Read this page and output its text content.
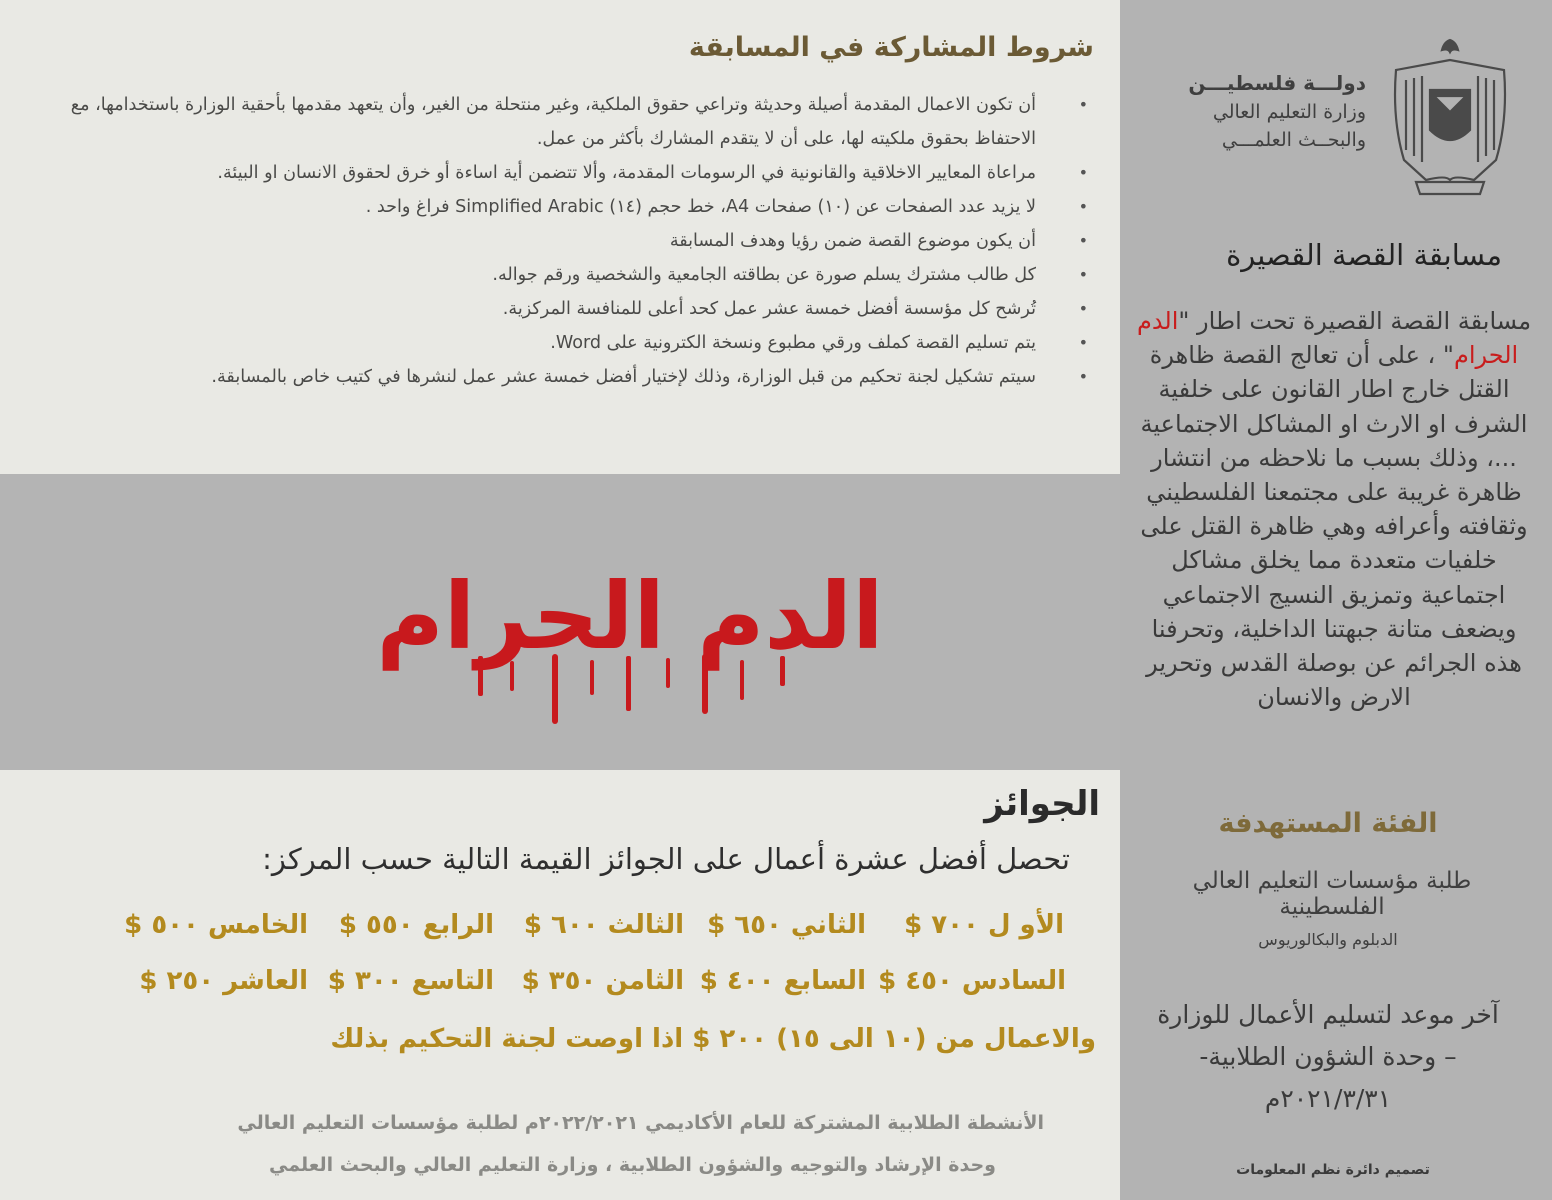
دولـــة فلسطيـــن
وزارة التعليم العالي
والبحــث العلمـــي
مسابقة القصة القصيرة
مسابقة القصة القصيرة تحت اطار "الدم الحرام" ، على أن تعالج القصة ظاهرة القتل خارج اطار القانون على خلفية الشرف او الارث او المشاكل الاجتماعية ...، وذلك بسبب ما نلاحظه من انتشار ظاهرة غريبة على مجتمعنا الفلسطيني وثقافته وأعرافه وهي ظاهرة القتل على خلفيات متعددة مما يخلق مشاكل اجتماعية وتمزيق النسيج الاجتماعي ويضعف متانة جبهتنا الداخلية، وتحرفنا هذه الجرائم عن بوصلة القدس وتحرير الارض والانسان
الفئة المستهدفة
طلبة مؤسسات التعليم العالي الفلسطينية
الدبلوم والبكالوريوس
آخر موعد لتسليم الأعمال للوزارة
– وحدة الشؤون الطلابية-
٢٠٢١/٣/٣١م
تصميم دائرة نظم المعلومات
شروط المشاركة في المسابقة
• أن تكون الاعمال المقدمة أصيلة وحديثة وتراعي حقوق الملكية، وغير منتحلة من الغير، وأن يتعهد مقدمها بأحقية الوزارة باستخدامها، مع الاحتفاظ بحقوق ملكيته لها، على أن لا يتقدم المشارك بأكثر من عمل.
• مراعاة المعايير الاخلاقية والقانونية في الرسومات المقدمة، وألا تتضمن أية اساءة أو خرق لحقوق الانسان او البيئة.
• لا يزيد عدد الصفحات عن (١٠) صفحات A4، خط حجم (١٤) Simplified Arabic فراغ واحد .
• أن يكون موضوع القصة ضمن رؤيا وهدف المسابقة
• كل طالب مشترك يسلم صورة عن بطاقته الجامعية والشخصية ورقم جواله.
• تُرشح كل مؤسسة أفضل خمسة عشر عمل كحد أعلى للمنافسة المركزية.
• يتم تسليم القصة كملف ورقي مطبوع ونسخة الكترونية على Word.
• سيتم تشكيل لجنة تحكيم من قبل الوزارة، وذلك لإختيار أفضل خمسة عشر عمل لنشرها في كتيب خاص بالمسابقة.
الدم الحرام
الجوائز
تحصل أفضل عشرة أعمال على الجوائز القيمة التالية حسب المركز:
الأو ل ٧٠٠ $
الثاني ٦٥٠ $
الثالث ٦٠٠ $
الرابع ٥٥٠ $
الخامس ٥٠٠ $
السادس ٤٥٠ $
السابع ٤٠٠ $
الثامن ٣٥٠ $
التاسع ٣٠٠ $
العاشر ٢٥٠ $
والاعمال من (١٠ الى ١٥) ٢٠٠ $ اذا اوصت لجنة التحكيم بذلك
الأنشطة الطلابية المشتركة للعام الأكاديمي ٢٠٢٢/٢٠٢١م لطلبة مؤسسات التعليم العالي
وحدة الإرشاد والتوجيه والشؤون الطلابية ، وزارة التعليم العالي والبحث العلمي
